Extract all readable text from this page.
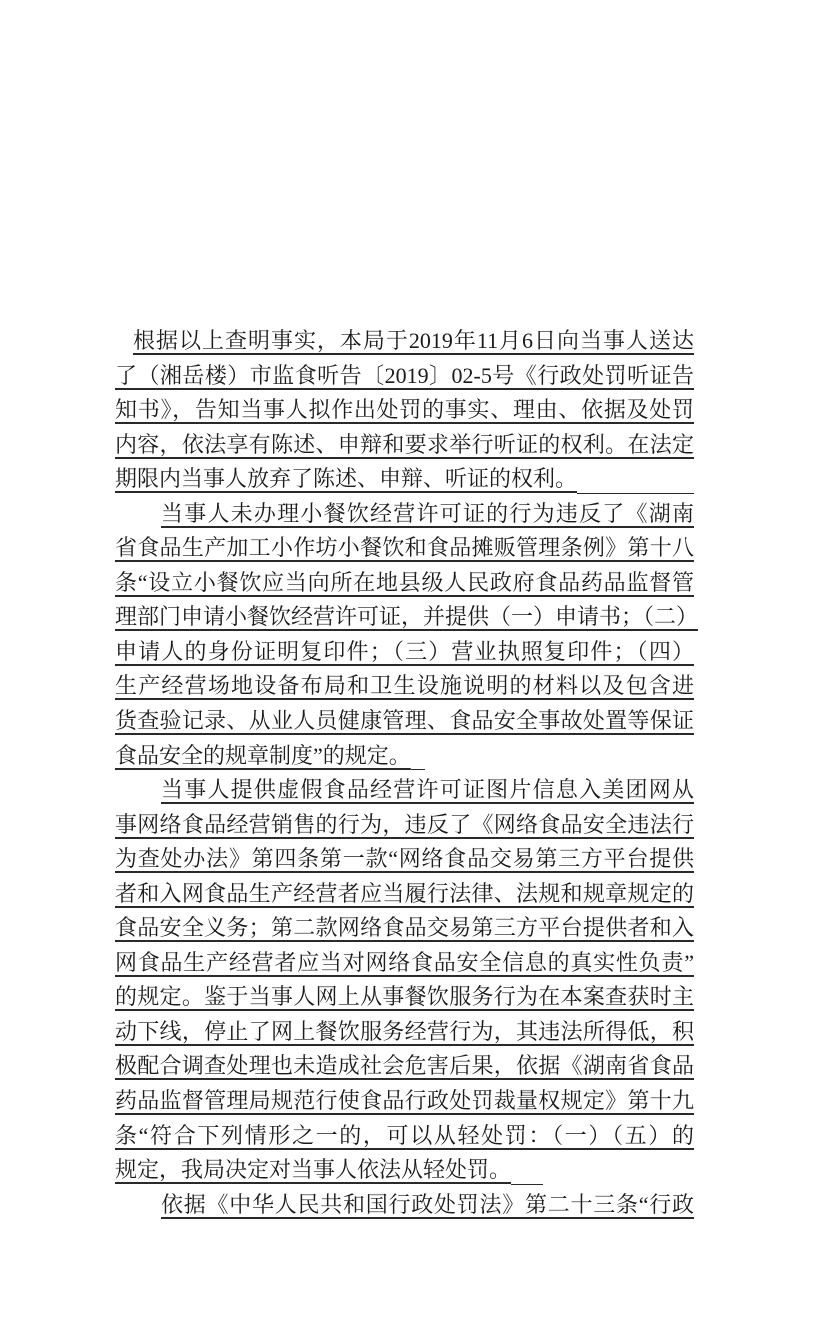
根据以上查明事实，本局于2019年11月6日向当事人送达
了（湘岳楼）市监食听告〔2019〕02-5号《行政处罚听证告
知书》，告知当事人拟作出处罚的事实、理由、依据及处罚
内容，依法享有陈述、申辩和要求举行听证的权利。在法定
期限内当事人放弃了陈述、申辩、听证的权利。
当事人未办理小餐饮经营许可证的行为违反了《湖南
省食品生产加工小作坊小餐饮和食品摊贩管理条例》第十八
条“设立小餐饮应当向所在地县级人民政府食品药品监督管
理部门申请小餐饮经营许可证，并提供（一）申请书；（二）
申请人的身份证明复印件；（三）营业执照复印件；（四）
生产经营场地设备布局和卫生设施说明的材料以及包含进
货查验记录、从业人员健康管理、食品安全事故处置等保证
食品安全的规章制度”的规定。
当事人提供虚假食品经营许可证图片信息入美团网从
事网络食品经营销售的行为，违反了《网络食品安全违法行
为查处办法》第四条第一款“网络食品交易第三方平台提供
者和入网食品生产经营者应当履行法律、法规和规章规定的
食品安全义务；第二款网络食品交易第三方平台提供者和入
网食品生产经营者应当对网络食品安全信息的真实性负责”
的规定。鉴于当事人网上从事餐饮服务行为在本案查获时主
动下线，停止了网上餐饮服务经营行为，其违法所得低，积
极配合调查处理也未造成社会危害后果，依据《湖南省食品
药品监督管理局规范行使食品行政处罚裁量权规定》第十九
条“符合下列情形之一的，可以从轻处罚：（一）（五）的
规定，我局决定对当事人依法从轻处罚。
依据《中华人民共和国行政处罚法》第二十三条“行政
